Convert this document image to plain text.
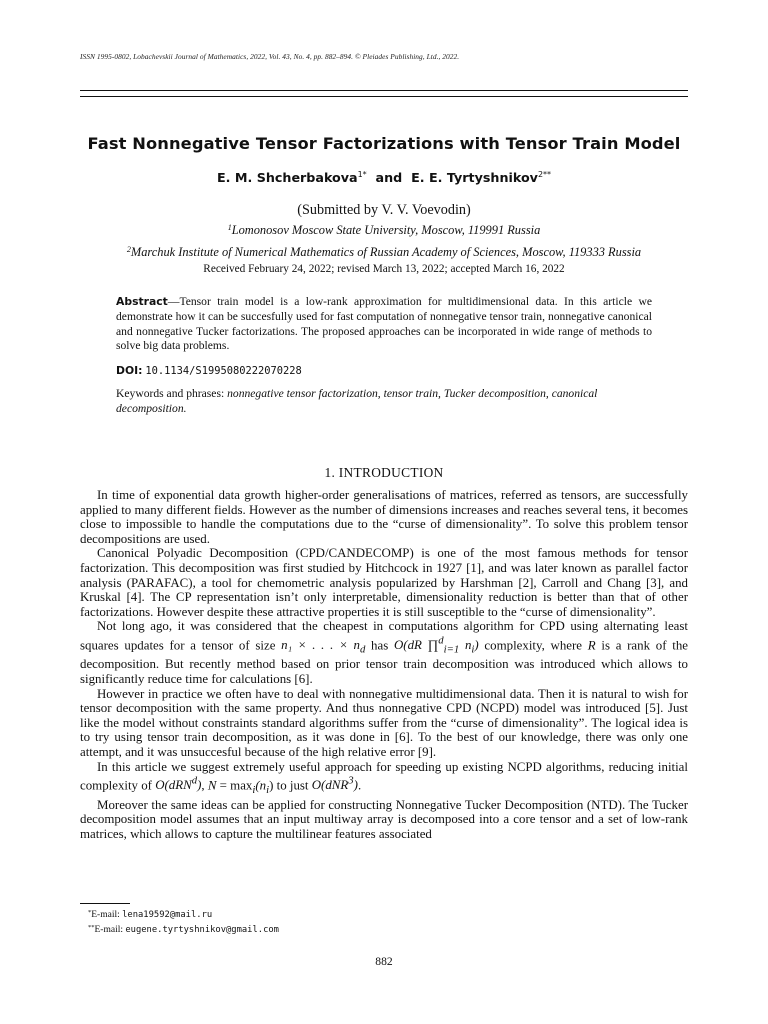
ISSN 1995-0802, Lobachevskii Journal of Mathematics, 2022, Vol. 43, No. 4, pp. 882–894. © Pleiades Publishing, Ltd., 2022.
Fast Nonnegative Tensor Factorizations with Tensor Train Model
E. M. Shcherbakova$^{1*}$ and E. E. Tyrtyshnikov$^{2**}$
(Submitted by V. V. Voevodin)
$^1$Lomonosov Moscow State University, Moscow, 119991 Russia
$^2$Marchuk Institute of Numerical Mathematics of Russian Academy of Sciences, Moscow, 119333 Russia
Received February 24, 2022; revised March 13, 2022; accepted March 16, 2022
Abstract—Tensor train model is a low-rank approximation for multidimensional data. In this article we demonstrate how it can be succesfully used for fast computation of nonnegative tensor train, nonnegative canonical and nonnegative Tucker factorizations. The proposed approaches can be incorporated in wide range of methods to solve big data problems.
DOI: 10.1134/S1995080222070228
Keywords and phrases: nonnegative tensor factorization, tensor train, Tucker decomposition, canonical decomposition.
1. INTRODUCTION

In time of exponential data growth higher-order generalisations of matrices, referred as tensors, are successfully applied to many different fields. However as the number of dimensions increases and reaches several tens, it becomes close to impossible to handle the computations due to the “curse of dimensionality”. To solve this problem tensor decompositions are used.

Canonical Polyadic Decomposition (CPD/CANDECOMP) is one of the most famous methods for tensor factorization. This decomposition was first studied by Hitchcock in 1927 [1], and was later known as parallel factor analysis (PARAFAC), a tool for chemometric analysis popularized by Harshman [2], Carroll and Chang [3], and Kruskal [4]. The CP representation isn’t only interpretable, dimensionality reduction is better than that of other factorizations. However despite these attractive properties it is still susceptible to the “curse of dimensionality”.

Not long ago, it was considered that the cheapest in computations algorithm for CPD using alternating least squares updates for a tensor of size n₁ × . . . × $n_d$ has O(dR ∏$^d_{i=1}$ $n_i$) complexity, where R is a rank of the decomposition. But recently method based on prior tensor train decomposition was introduced which allows to significantly reduce time for calculations [6].

However in practice we often have to deal with nonnegative multidimensional data. Then it is natural to wish for tensor decomposition with the same property. And thus nonnegative CPD (NCPD) model was introduced [5]. Just like the model without constraints standard algorithms suffer from the “curse of dimensionality”. The logical idea is to try using tensor train decomposition, as it was done in [6]. To the best of our knowledge, there was only one attempt, and it was unsuccesful because of the high relative error [9].

In this article we suggest extremely useful approach for speeding up existing NCPD algorithms, reducing initial complexity of O(dRN$^d$), $N = \max_i(n_i)$ to just O(dNR$^3$).

Moreover the same ideas can be applied for constructing Nonnegative Tucker Decomposition (NTD). The Tucker decomposition model assumes that an input multiway array is decomposed into a core tensor and a set of low-rank matrices, which allows to capture the multilinear features associated

*E-mail: lena19592@mail.ru
**E-mail: eugene.tyrtyshnikov@gmail.com
882
